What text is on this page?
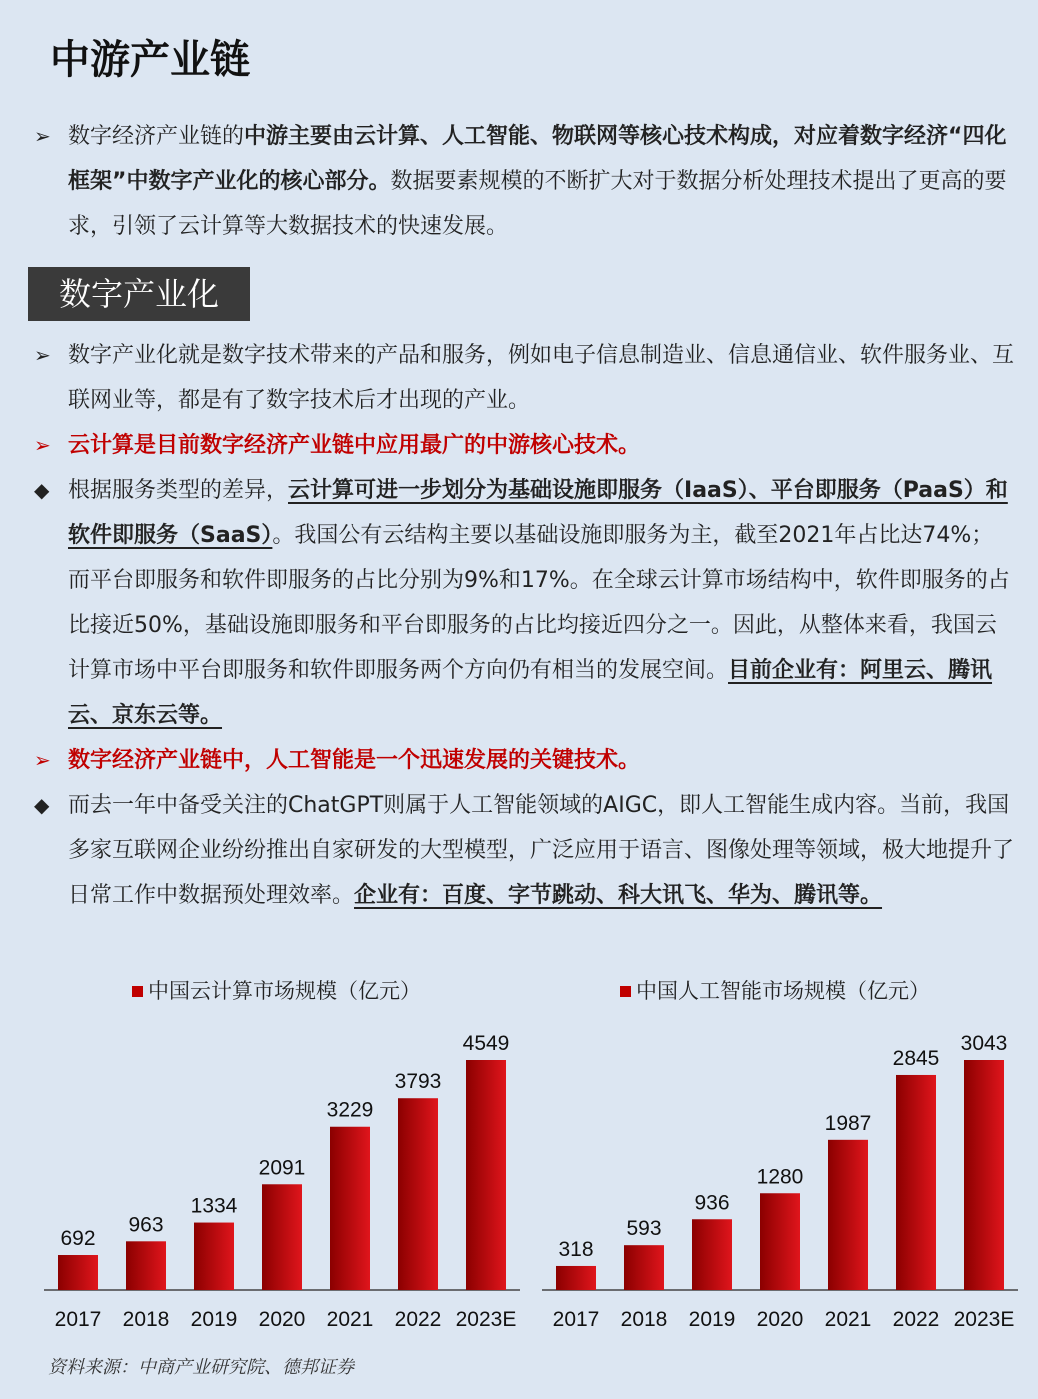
中游产业链
➢ 数字经济产业链的中游主要由云计算、人工智能、物联网等核心技术构成，对应着数字经济“四化框架”中数字产业化的核心部分。数据要素规模的不断扩大对于数据分析处理技术提出了更高的要求，引领了云计算等大数据技术的快速发展。
数字产业化
➢ 数字产业化就是数字技术带来的产品和服务，例如电子信息制造业、信息通信业、软件服务业、互联网业等，都是有了数字技术后才出现的产业。
➢ 云计算是目前数字经济产业链中应用最广的中游核心技术。
◆ 根据服务类型的差异，云计算可进一步划分为基础设施即服务（IaaS）、平台即服务（PaaS）和软件即服务（SaaS）。我国公有云结构主要以基础设施即服务为主，截至2021年占比达74%；而平台即服务和软件即服务的占比分别为9%和17%。在全球云计算市场结构中，软件即服务的占比接近50%，基础设施即服务和平台即服务的占比均接近四分之一。因此，从整体来看，我国云计算市场中平台即服务和软件即服务两个方向仍有相当的发展空间。目前企业有：阿里云、腾讯云、京东云等。
➢ 数字经济产业链中，人工智能是一个迅速发展的关键技术。
◆ 而去一年中备受关注的ChatGPT则属于人工智能领域的AIGC，即人工智能生成内容。当前，我国多家互联网企业纷纷推出自家研发的大型模型，广泛应用于语言、图像处理等领域，极大地提升了日常工作中数据预处理效率。企业有：百度、字节跳动、科大讯飞、华为、腾讯等。
中国云计算市场规模（亿元）
692
2017
963
2018
1334
2019
2091
2020
3229
2021
3793
2022
4549
2023E
中国人工智能市场规模（亿元）
318
2017
593
2018
936
2019
1280
2020
1987
2021
2845
2022
3043
2023E
资料来源：中商产业研究院、德邦证券
